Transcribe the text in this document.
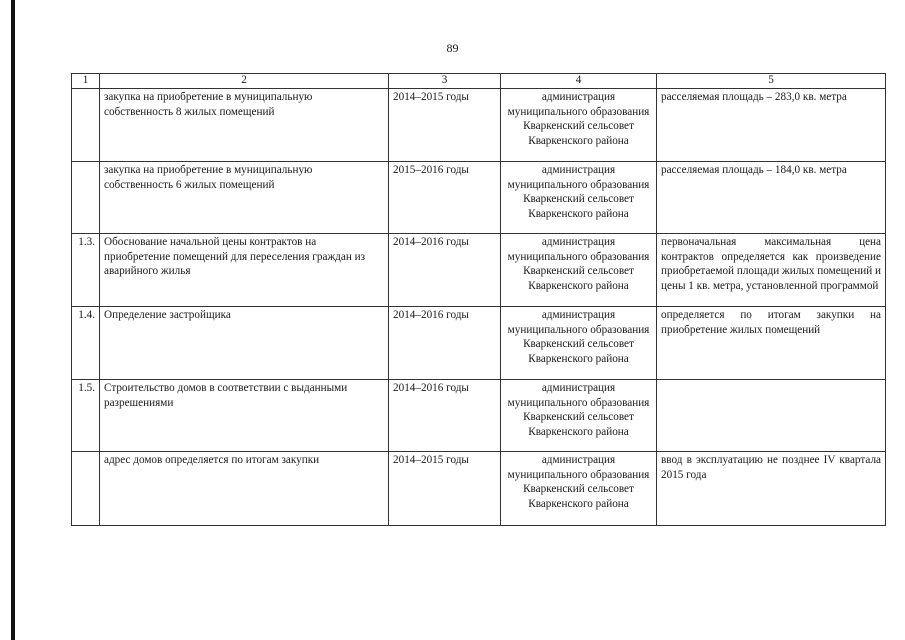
89
1	2	3	4	5
	закупка на приобретение в муниципальную собственность 8 жилых помещений	2014–2015 годы	администрация муниципального образования Кваркенский сельсовет Кваркенского района	расселяемая площадь – 283,0 кв. метра
	закупка на приобретение в муниципальную собственность 6 жилых помещений	2015–2016 годы	администрация муниципального образования Кваркенский сельсовет Кваркенского района	расселяемая площадь – 184,0 кв. метра
1.3.	Обоснование начальной цены контрактов на приобретение помещений для переселения граждан из аварийного жилья	2014–2016 годы	администрация муниципального образования Кваркенский сельсовет Кваркенского района	первоначальная максимальная цена контрактов определяется как произведение приобретаемой площади жилых помещений и цены 1 кв. метра, установленной программой
1.4.	Определение застройщика	2014–2016 годы	администрация муниципального образования Кваркенский сельсовет Кваркенского района	определяется по итогам закупки на приобретение жилых помещений
1.5.	Строительство домов в соответствии с выданными разрешениями	2014–2016 годы	администрация муниципального образования Кваркенский сельсовет Кваркенского района	
	адрес домов определяется по итогам закупки	2014–2015 годы	администрация муниципального образования Кваркенский сельсовет Кваркенского района	ввод в эксплуатацию не позднее IV квартала 2015 года
